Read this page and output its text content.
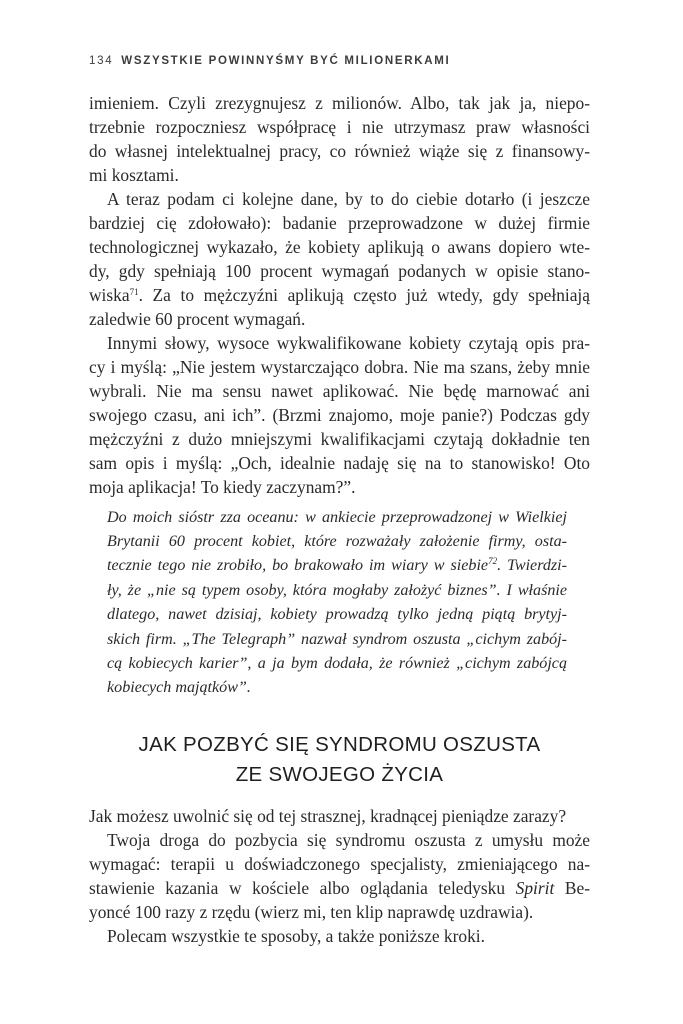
134 WSZYSTKIE POWINNYŚMY BYĆ MILIONERKAMI
imieniem. Czyli zrezygnujesz z milionów. Albo, tak jak ja, niepo-
trzebnie rozpoczniesz współpracę i nie utrzymasz praw własności
do własnej intelektualnej pracy, co również wiąże się z finansowy-
mi kosztami.
A teraz podam ci kolejne dane, by to do ciebie dotarło (i jeszcze
bardziej cię zdołowało): badanie przeprowadzone w dużej firmie
technologicznej wykazało, że kobiety aplikują o awans dopiero wte-
dy, gdy spełniają 100 procent wymagań podanych w opisie stano-
wiska$^{71}$. Za to mężczyźni aplikują często już wtedy, gdy spełniają
zaledwie 60 procent wymagań.
Innymi słowy, wysoce wykwalifikowane kobiety czytają opis pra-
cy i myślą: „Nie jestem wystarczająco dobra. Nie ma szans, żeby mnie
wybrali. Nie ma sensu nawet aplikować. Nie będę marnować ani
swojego czasu, ani ich”. (Brzmi znajomo, moje panie?) Podczas gdy
mężczyźni z dużo mniejszymi kwalifikacjami czytają dokładnie ten
sam opis i myślą: „Och, idealnie nadaję się na to stanowisko! Oto
moja aplikacja! To kiedy zaczynam?”.
Do moich sióstr zza oceanu: w ankiecie przeprowadzonej w Wielkiej
Brytanii 60 procent kobiet, które rozważały założenie firmy, osta-
tecznie tego nie zrobiło, bo brakowało im wiary w siebie$^{72}$. Twierdzi-
ły, że „nie są typem osoby, która mogłaby założyć biznes”. I właśnie
dlatego, nawet dzisiaj, kobiety prowadzą tylko jedną piątą brytyj-
skich firm. „The Telegraph” nazwał syndrom oszusta „cichym zabój-
cą kobiecych karier”, a ja bym dodała, że również „cichym zabójcą
kobiecych majątków”.
JAK POZBYĆ SIĘ SYNDROMU OSZUSTA
ZE SWOJEGO ŻYCIA
Jak możesz uwolnić się od tej strasznej, kradnącej pieniądze zarazy?
Twoja droga do pozbycia się syndromu oszusta z umysłu może
wymagać: terapii u doświadczonego specjalisty, zmieniającego na-
stawienie kazania w kościele albo oglądania teledysku Spirit Be-
yoncé 100 razy z rzędu (wierz mi, ten klip naprawdę uzdrawia).
Polecam wszystkie te sposoby, a także poniższe kroki.
